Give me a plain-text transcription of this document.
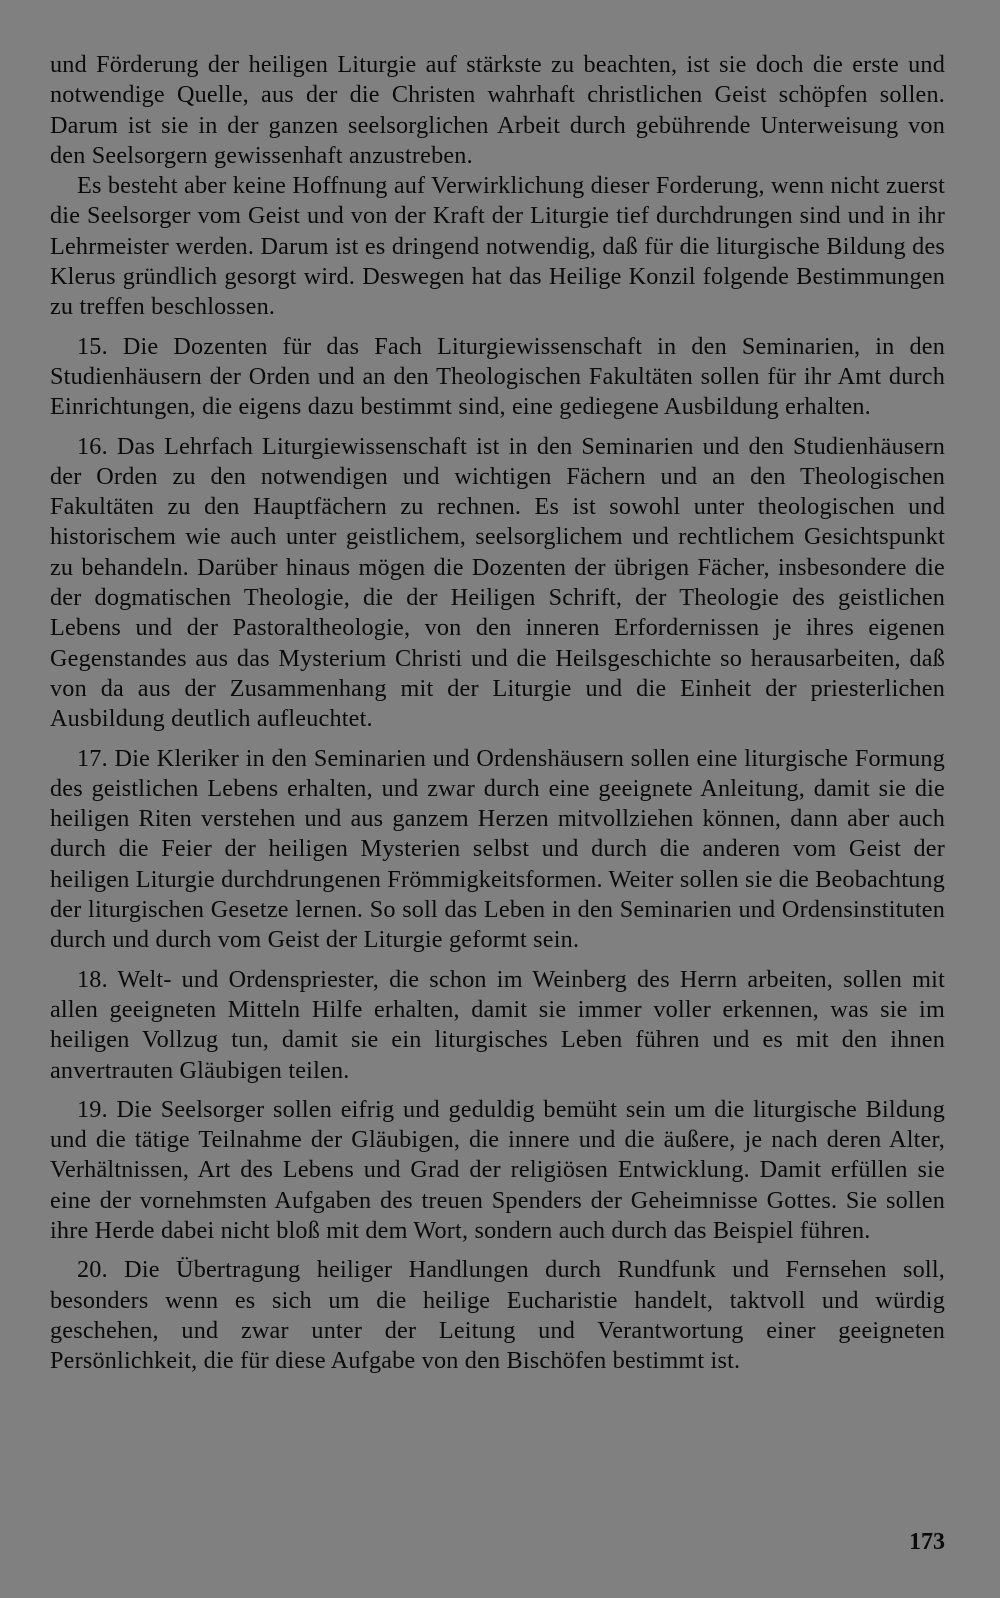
und Förderung der heiligen Liturgie auf stärkste zu beachten, ist sie doch die erste und notwendige Quelle, aus der die Christen wahrhaft christlichen Geist schöpfen sollen. Darum ist sie in der ganzen seelsorglichen Arbeit durch gebührende Unterweisung von den Seelsorgern gewissenhaft anzustreben.

Es besteht aber keine Hoffnung auf Verwirklichung dieser Forderung, wenn nicht zuerst die Seelsorger vom Geist und von der Kraft der Liturgie tief durchdrungen sind und in ihr Lehrmeister werden. Darum ist es dringend notwendig, daß für die liturgische Bildung des Klerus gründlich gesorgt wird. Deswegen hat das Heilige Konzil folgende Bestimmungen zu treffen beschlossen.

15. Die Dozenten für das Fach Liturgiewissenschaft in den Seminarien, in den Studienhäusern der Orden und an den Theologischen Fakultäten sollen für ihr Amt durch Einrichtungen, die eigens dazu bestimmt sind, eine gediegene Ausbildung erhalten.

16. Das Lehrfach Liturgiewissenschaft ist in den Seminarien und den Studienhäusern der Orden zu den notwendigen und wichtigen Fächern und an den Theologischen Fakultäten zu den Hauptfächern zu rechnen. Es ist sowohl unter theologischen und historischem wie auch unter geistlichem, seelsorglichem und rechtlichem Gesichtspunkt zu behandeln. Darüber hinaus mögen die Dozenten der übrigen Fächer, insbesondere die der dogmatischen Theologie, die der Heiligen Schrift, der Theologie des geistlichen Lebens und der Pastoraltheologie, von den inneren Erfordernissen je ihres eigenen Gegenstandes aus das Mysterium Christi und die Heilsgeschichte so herausarbeiten, daß von da aus der Zusammenhang mit der Liturgie und die Einheit der priesterlichen Ausbildung deutlich aufleuchtet.

17. Die Kleriker in den Seminarien und Ordenshäusern sollen eine liturgische Formung des geistlichen Lebens erhalten, und zwar durch eine geeignete Anleitung, damit sie die heiligen Riten verstehen und aus ganzem Herzen mitvollziehen können, dann aber auch durch die Feier der heiligen Mysterien selbst und durch die anderen vom Geist der heiligen Liturgie durchdrungenen Frömmigkeitsformen. Weiter sollen sie die Beobachtung der liturgischen Gesetze lernen. So soll das Leben in den Seminarien und Ordensinstituten durch und durch vom Geist der Liturgie geformt sein.

18. Welt- und Ordenspriester, die schon im Weinberg des Herrn arbeiten, sollen mit allen geeigneten Mitteln Hilfe erhalten, damit sie immer voller erkennen, was sie im heiligen Vollzug tun, damit sie ein liturgisches Leben führen und es mit den ihnen anvertrauten Gläubigen teilen.

19. Die Seelsorger sollen eifrig und geduldig bemüht sein um die liturgische Bildung und die tätige Teilnahme der Gläubigen, die innere und die äußere, je nach deren Alter, Verhältnissen, Art des Lebens und Grad der religiösen Entwicklung. Damit erfüllen sie eine der vornehmsten Aufgaben des treuen Spenders der Geheimnisse Gottes. Sie sollen ihre Herde dabei nicht bloß mit dem Wort, sondern auch durch das Beispiel führen.

20. Die Übertragung heiliger Handlungen durch Rundfunk und Fernsehen soll, besonders wenn es sich um die heilige Eucharistie handelt, taktvoll und würdig geschehen, und zwar unter der Leitung und Verantwortung einer geeigneten Persönlichkeit, die für diese Aufgabe von den Bischöfen bestimmt ist.

173
